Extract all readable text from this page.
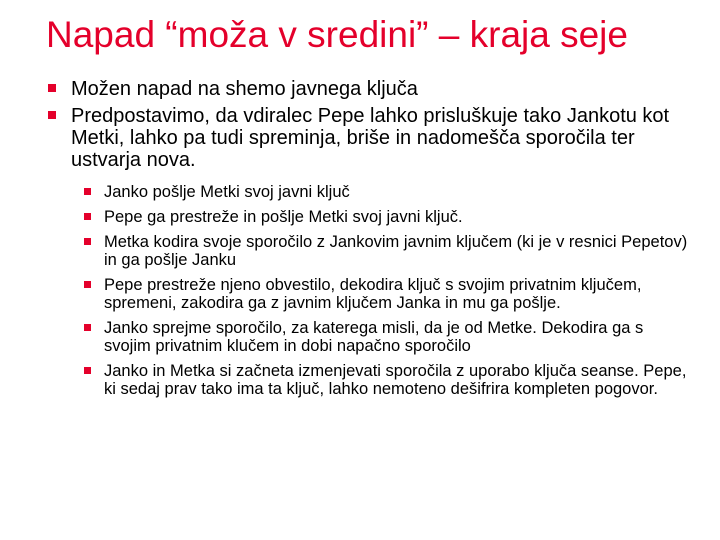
Napad “moža v sredini” – kraja seje
Možen napad na shemo javnega ključa
Predpostavimo, da vdiralec Pepe lahko prisluškuje tako Jankotu kot Metki, lahko pa tudi spreminja, briše in nadomešča sporočila ter ustvarja nova.
Janko pošlje Metki svoj javni ključ
Pepe ga prestreže in pošlje Metki svoj javni ključ.
Metka kodira svoje sporočilo z Jankovim javnim ključem (ki je v resnici Pepetov) in ga pošlje Janku
Pepe prestreže njeno obvestilo, dekodira ključ s svojim privatnim ključem, spremeni, zakodira ga z javnim ključem Janka in mu ga pošlje.
Janko sprejme sporočilo, za katerega misli, da je od Metke. Dekodira ga s svojim privatnim klučem in dobi napačno sporočilo
Janko in Metka si začneta izmenjevati sporočila z uporabo ključa seanse. Pepe, ki sedaj prav tako ima ta ključ, lahko nemoteno dešifrira kompleten pogovor.
